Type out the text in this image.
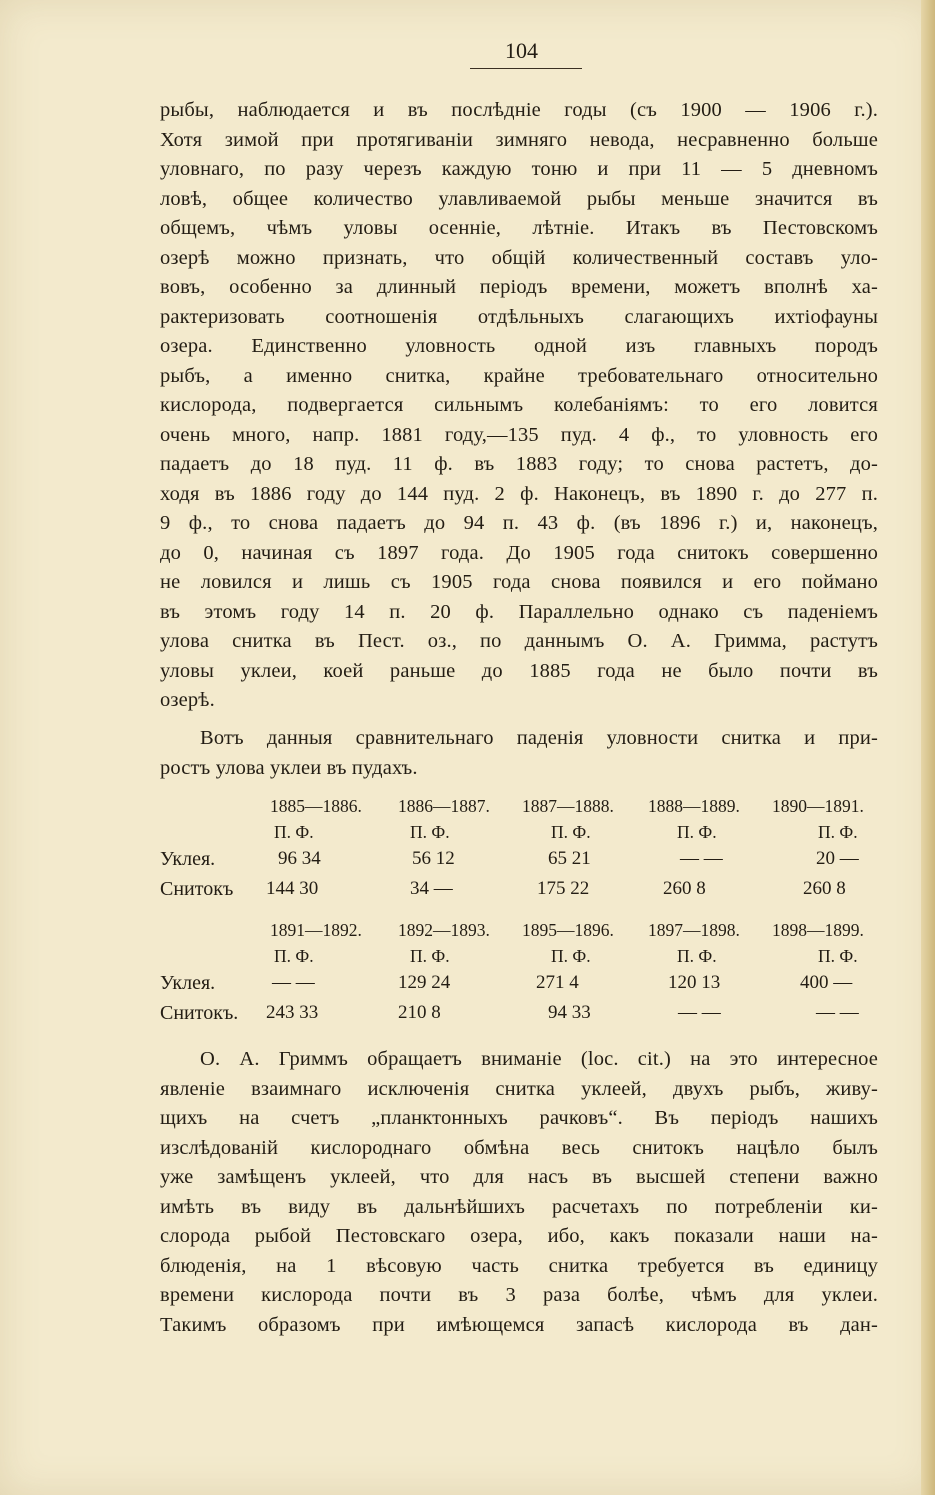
104
рыбы, наблюдается и въ послѣдніе годы (съ 1900 — 1906 г.).
Хотя зимой при протягиваніи зимняго невода, несравненно больше
уловнаго, по разу черезъ каждую тоню и при 11 — 5 дневномъ
ловѣ, общее количество улавливаемой рыбы меньше значится въ
общемъ, чѣмъ уловы осенніе, лѣтніе. Итакъ въ Пестовскомъ
озерѣ можно признать, что общій количественный составъ уло-
вовъ, особенно за длинный періодъ времени, можетъ вполнѣ ха-
рактеризовать соотношенія отдѣльныхъ слагающихъ ихтіофауны
озера. Единственно уловность одной изъ главныхъ породъ
рыбъ, а именно снитка, крайне требовательнаго относительно
кислорода, подвергается сильнымъ колебаніямъ: то его ловится
очень много, напр. 1881 году,—135 пуд. 4 ф., то уловность его
падаетъ до 18 пуд. 11 ф. въ 1883 году; то снова растетъ, до-
ходя въ 1886 году до 144 пуд. 2 ф. Наконецъ, въ 1890 г. до 277 п.
9 ф., то снова падаетъ до 94 п. 43 ф. (въ 1896 г.) и, наконецъ,
до 0, начиная съ 1897 года. До 1905 года снитокъ совершенно
не ловился и лишь съ 1905 года снова появился и его поймано
въ этомъ году 14 п. 20 ф. Параллельно однако съ паденіемъ
улова снитка въ Пест. оз., по даннымъ О. А. Гримма, растутъ
уловы уклеи, коей раньше до 1885 года не было почти въ
озерѣ.
Вотъ данныя сравнительнаго паденія уловности снитка и при-
ростъ улова уклеи въ пудахъ.
1885—1886. 1886—1887. 1887—1888. 1888—1889. 1890—1891.
П. Ф.	П. Ф.	П. Ф.	П. Ф.	П. Ф.
Уклея.	96 34	56 12	65 21	— —	20 —
Снитокъ 144 30	34 —	175 22	260 8	260 8
1891—1892. 1892—1893. 1895—1896. 1897—1898. 1898—1899.
П. Ф.	П. Ф.	П. Ф.	П. Ф.	П. Ф.
Уклея.	— —	129 24	271 4	120 13	400 —
Снитокъ. 243 33	210 8	94 33	— —	— —
О. А. Гриммъ обращаетъ вниманіе (loc. cit.) на это интересное
явленіе взаимнаго исключенія снитка уклеей, двухъ рыбъ, живу-
щихъ на счетъ „планктонныхъ рачковъ“. Въ періодъ нашихъ
изслѣдованій кислороднаго обмѣна весь снитокъ нацѣло былъ
уже замѣщенъ уклеей, что для насъ въ высшей степени важно
имѣть въ виду въ дальнѣйшихъ расчетахъ по потребленіи ки-
слорода рыбой Пестовскаго озера, ибо, какъ показали наши на-
блюденія, на 1 вѣсовую часть снитка требуется въ единицу
времени кислорода почти въ 3 раза болѣе, чѣмъ для уклеи.
Такимъ образомъ при имѣющемся запасѣ кислорода въ дан-
